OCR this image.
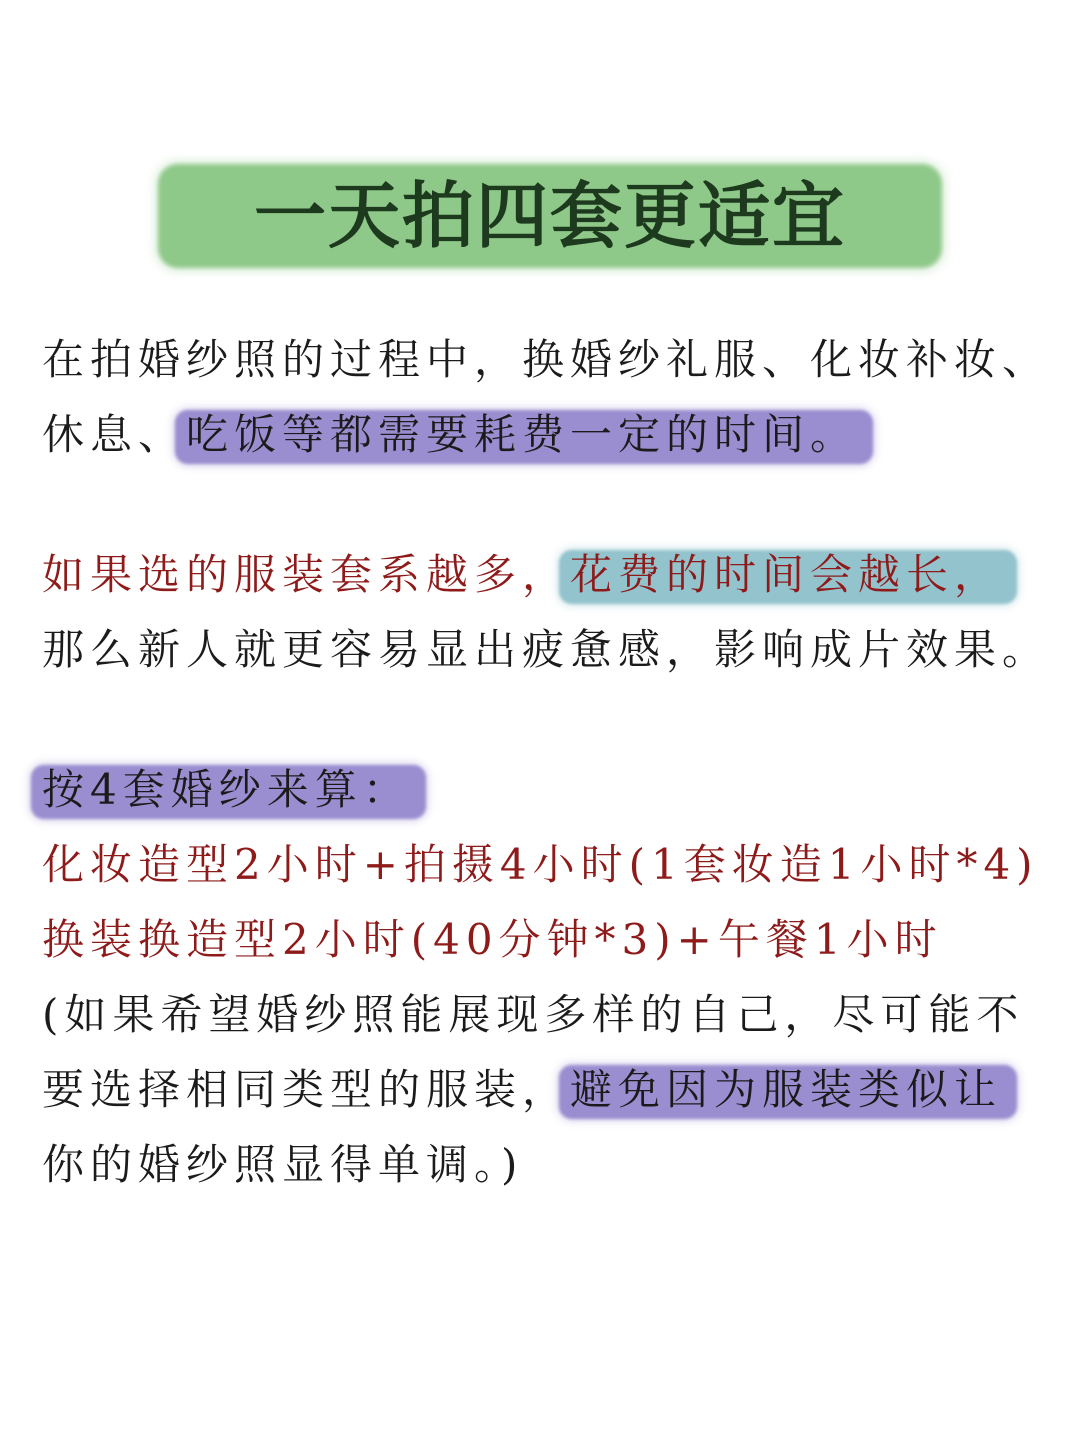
一天拍四套更适宜
在拍婚纱照的过程中，换婚纱礼服、化妆补妆、
休息、吃饭等都需要耗费一定的时间。
如果选的服装套系越多，花费的时间会越长，
那么新人就更容易显出疲惫感，影响成片效果。
按4套婚纱来算：
化妆造型2小时+拍摄4小时(1套妆造1小时*4)
换装换造型2小时(40分钟*3)+午餐1小时
(如果希望婚纱照能展现多样的自己，尽可能不
要选择相同类型的服装，避免因为服装类似让
你的婚纱照显得单调。)
